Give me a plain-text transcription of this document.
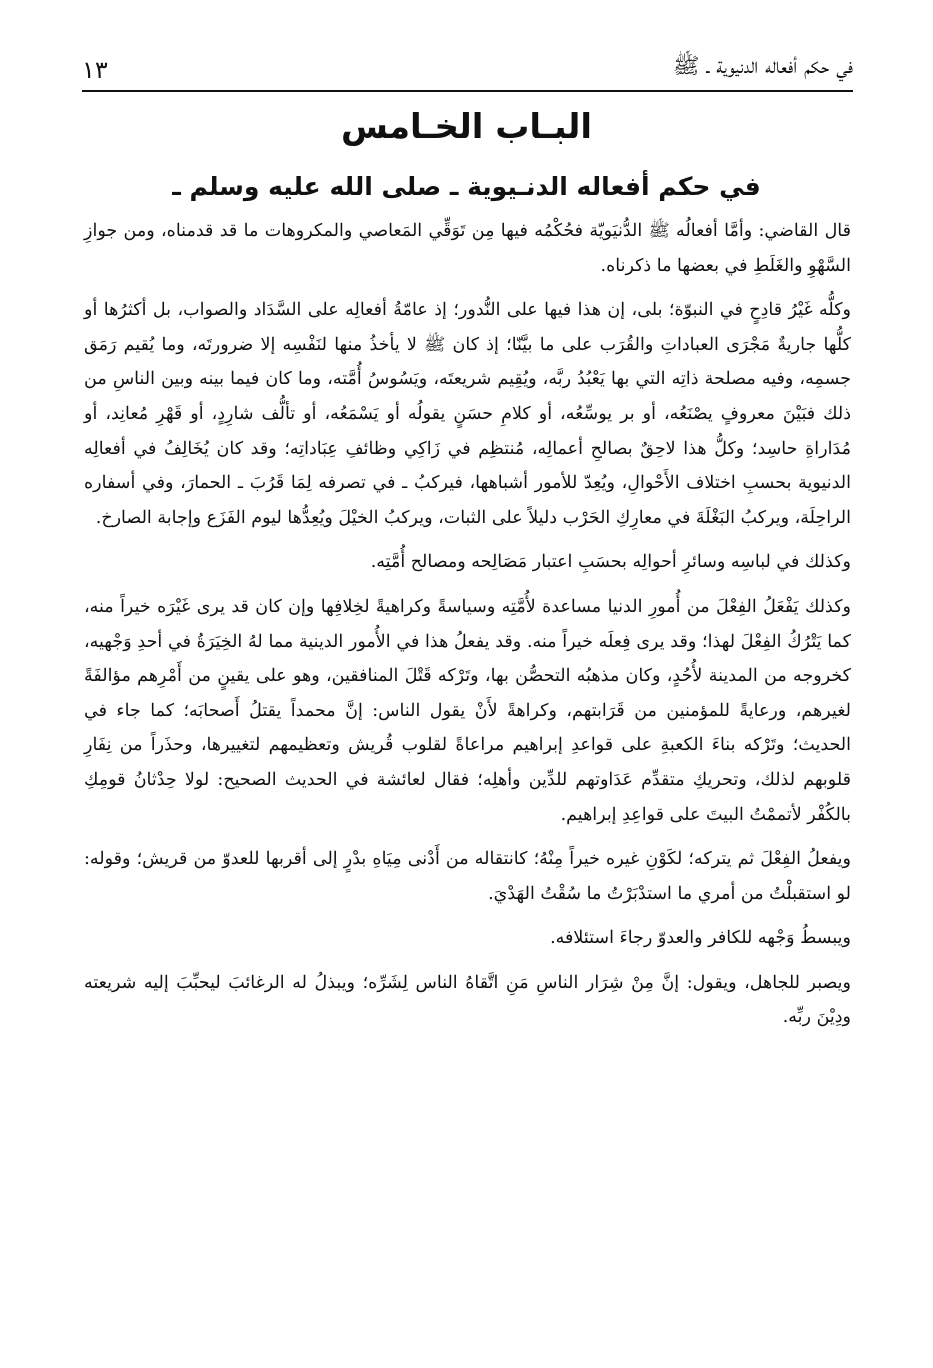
في حكم أفعاله الدنيوية ـ ﷺ
١٣
البـاب الخـامس
في حكم أفعاله الدنـيوية ـ صلى الله عليه وسلم ـ

قال القاضي: وأمَّا أفعالُه ﷺ الدُّنيَويّة فحُكْمُه فيها مِن تَوَقِّي المَعاصي والمكروهات ما قد قدمناه، ومن جوازِ السَّهْوِ والغَلَطِ في بعضها ما ذكرناه.

وكلُّه غَيْرُ قادِحٍ في النبوّة؛ بلى، إن هذا فيها على النُّدور؛ إذ عامّةُ أفعالِه على السَّدَاد والصواب، بل أكثرُها أو كلُّها جاريةٌ مَجْرَى العباداتِ والقُرَب على ما بيَّنّا؛ إذ كان ﷺ لا يأخذُ منها لنَفْسِه إلا ضرورتَه، وما يُقيم رَمَق جسمِه، وفيه مصلحة ذاتِه التي بها يَعْبُدُ ربَّه، ويُقِيم شريعتَه، ويَسُوسُ أُمَّته، وما كان فيما بينه وبين الناسِ من ذلك فبَيْنَ معروفٍ يصْنَعُه، أو بر يوسِّعُه، أو كلامِ حسَنٍ يقولُه أو يَسْمَعُه، أو تألُّف شارِدٍ، أو قَهْرِ مُعانِد، أو مُدَاراةِ حاسِد؛ وكلُّ هذا لاحِقٌ بصالحِ أعمالِه، مُنتظِم في زَاكِي وظائفِ عِبَاداتِه؛ وقد كان يُخَالِفُ في أفعالِه الدنيوية بحسبِ اختلاف الأَحْوالِ، ويُعِدّ للأمور أشباهها، فيركبُ ـ في تصرفه لِمَا قَرُبَ ـ الحمارَ، وفي أسفاره الراحِلَة، ويركبُ البَغْلَةَ في معارِكِ الحَرْب دليلاً على الثبات، ويركبُ الخيْلَ ويُعِدُّها ليوم الفَزَع وإجابة الصارخ.

وكذلك في لباسِه وسائرِ أحوالِه بحسَبِ اعتبار مَصَالِحه ومصالح أُمَّتِه.

وكذلك يَفْعَلُ الفِعْلَ من أُمورِ الدنيا مساعدة لأُمَّتِه وسياسةً وكراهيةً لخِلافِها وإن كان قد يرى غَيْرَه خيراً منه، كما يَتْرُكُ الفِعْلَ لهذا؛ وقد يرى فِعلَه خيراً منه. وقد يفعلُ هذا في الأُمور الدينية مما لهُ الخِيَرَةُ في أحدِ وَجْهيه، كخروجه من المدينة لأُحُدٍ، وكان مذهبُه التحصُّن بها، وتَرْكه قَتْلَ المنافقين، وهو على يقينٍ من أَمْرِهم مؤالفَةً لغيرهم، ورعايةً للمؤمنين من قَرَابتهم، وكراهةً لأَنْ يقول الناس: إنَّ محمداً يقتلُ أَصحابَه؛ كما جاء في الحديث؛ وتَرْكه بناءَ الكعبةِ على قواعدِ إبراهيم مراعاةً لقلوب قُريش وتعظيمهم لتغييرها، وحذَراً من نِفَارِ قلوبهم لذلك، وتحريكِ متقدِّم عَدَاوتهم للدِّين وأهلِه؛ فقال لعائشة في الحديث الصحيح: لولا حِدْثانُ قومِكِ بالكُفْر لأتممْتُ البيتَ على قواعِدِ إبراهيم.

ويفعلُ الفِعْلَ ثم يتركه؛ لكَوْنِ غيره خيراً مِنْهُ؛ كانتقاله من أَدْنى مِيَاهِ بدْرٍ إلى أقربها للعدوّ من قريش؛ وقوله: لو استقبلْتُ من أمري ما استدْبَرْتُ ما سُقْتُ الهَدْيَ.

ويبسطُ وَجْهه للكافر والعدوّ رجاءَ استئلافه.

ويصبر للجاهل، ويقول: إنَّ مِنْ شِرَار الناسِ مَنِ اتَّقاهُ الناس لِشَرِّه؛ ويبذلُ له الرغائبَ ليحبِّبَ إليه شريعته ودِيْنَ ربِّه.
